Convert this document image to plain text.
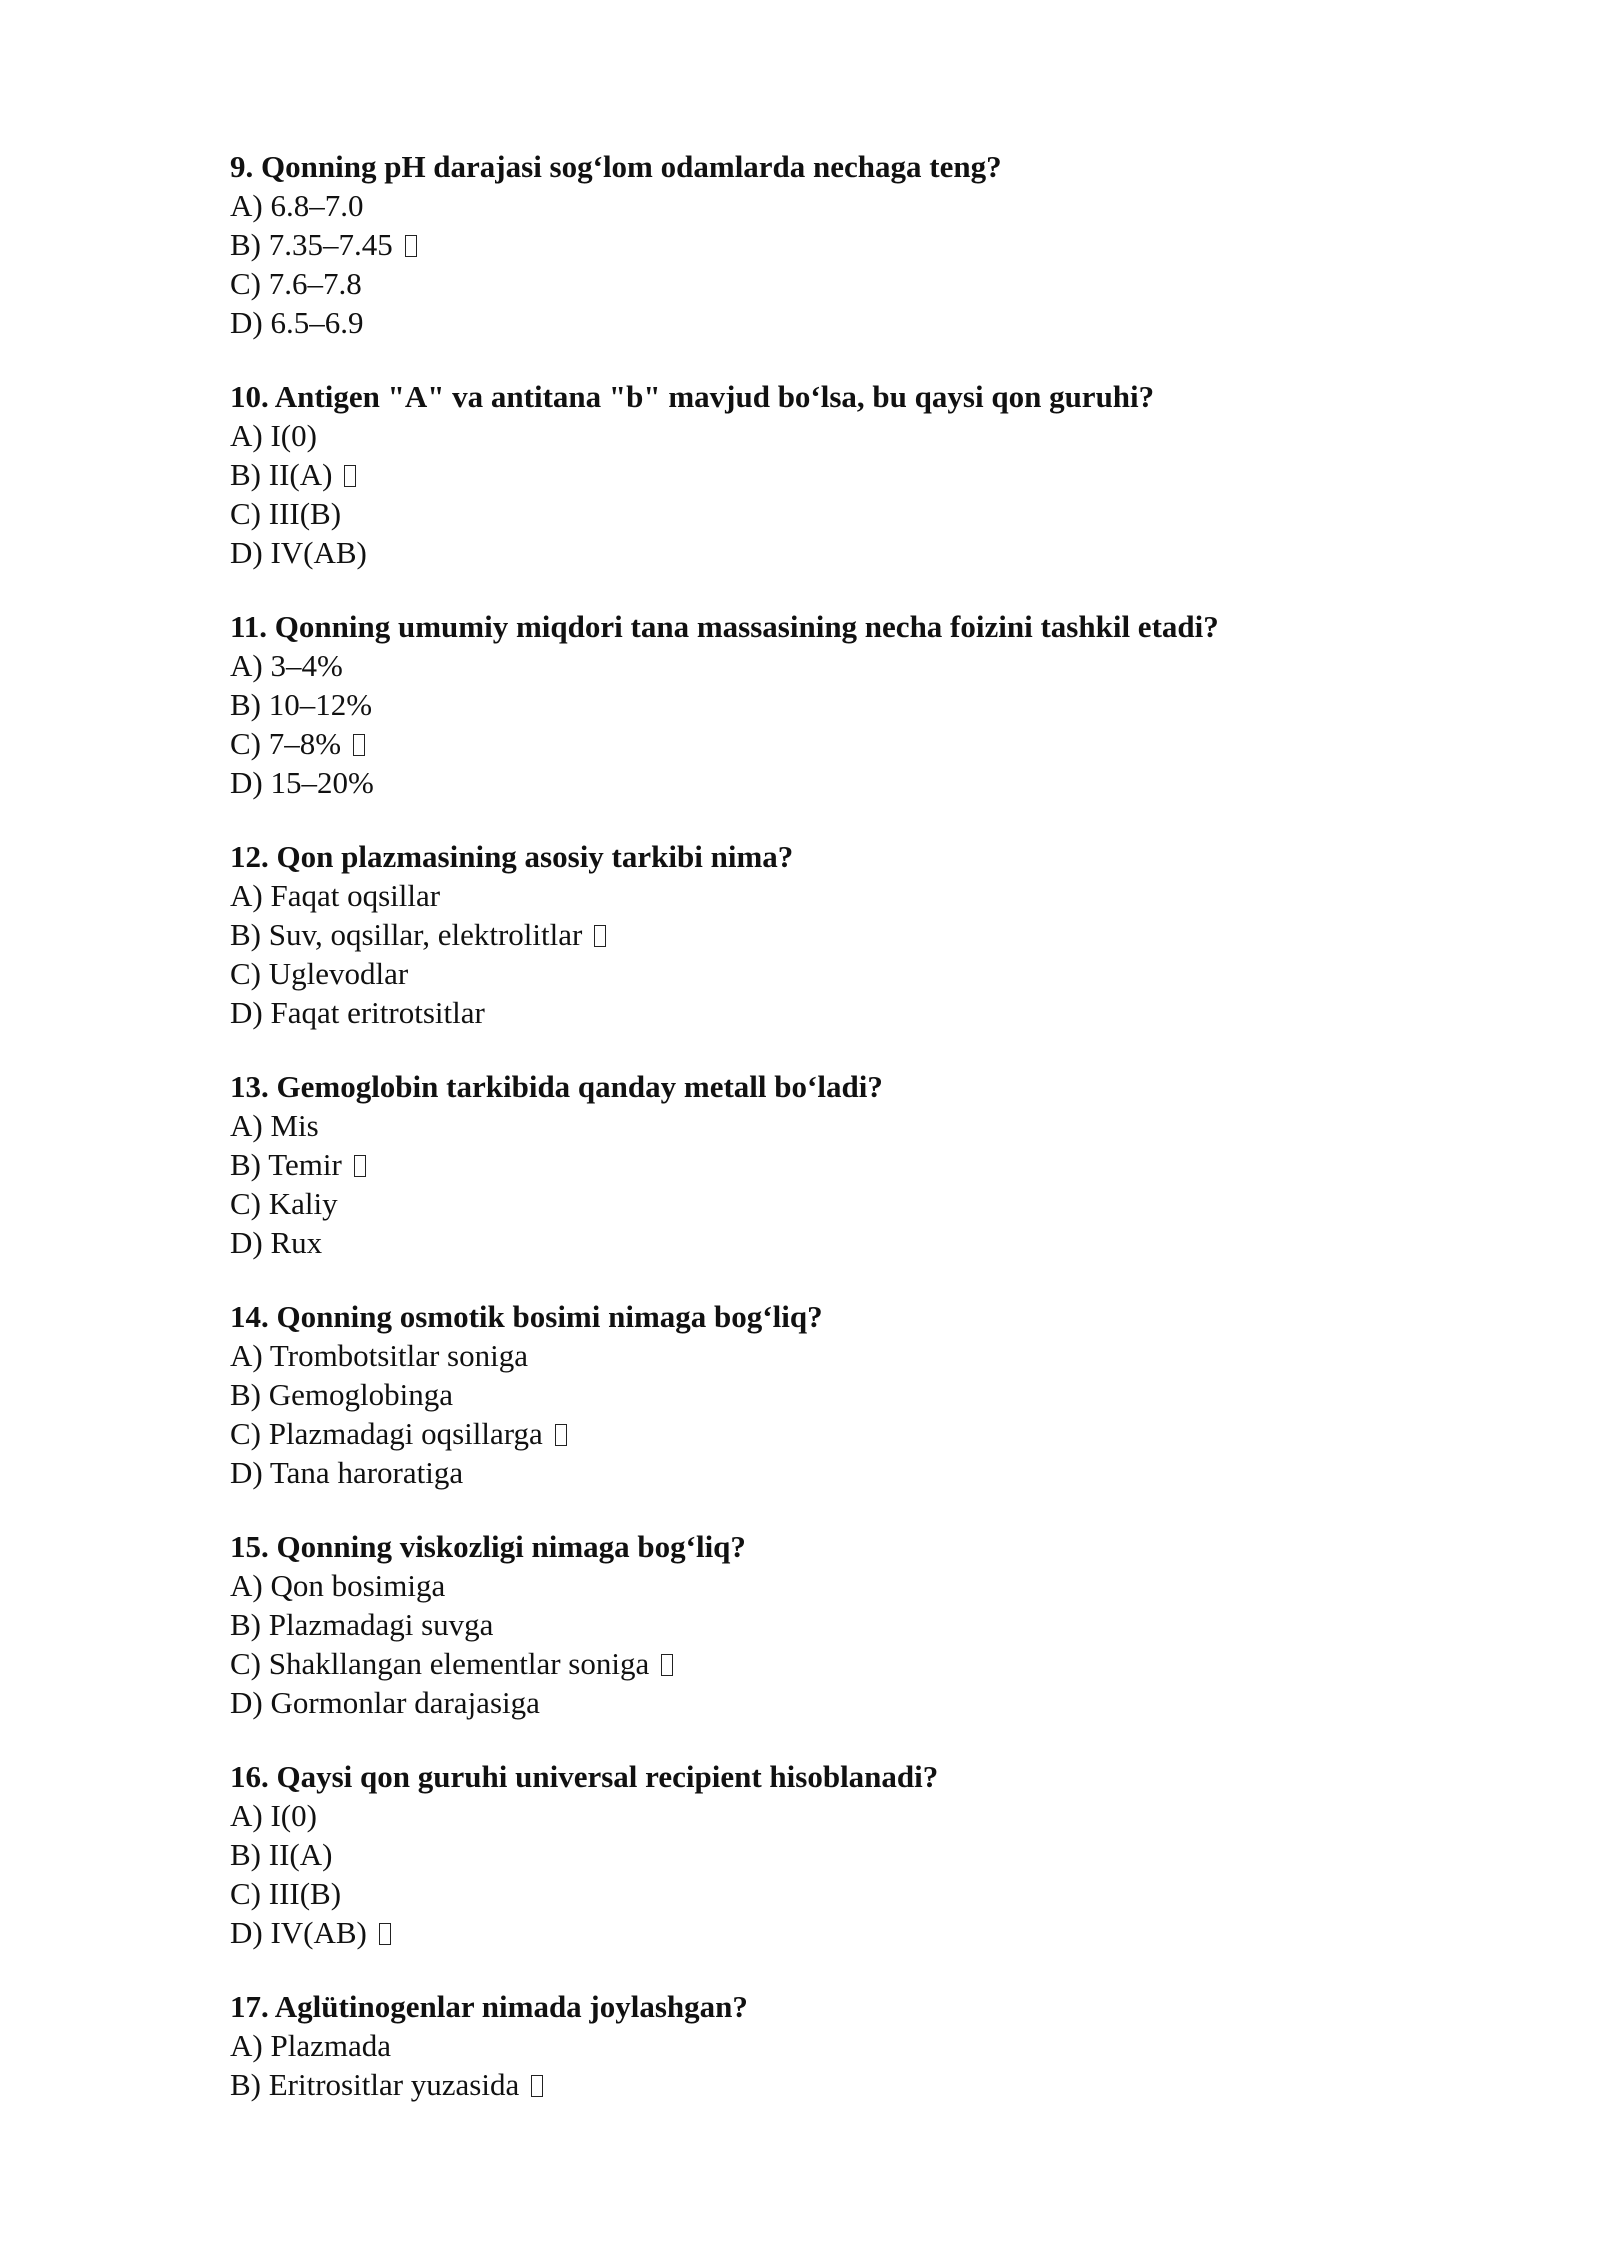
9. Qonning pH darajasi sog‘lom odamlarda nechaga teng?
A) 6.8–7.0
B) 7.35–7.45
C) 7.6–7.8
D) 6.5–6.9
10. Antigen "A" va antitana "b" mavjud bo‘lsa, bu qaysi qon guruhi?
A) I(0)
B) II(A)
C) III(B)
D) IV(AB)
11. Qonning umumiy miqdori tana massasining necha foizini tashkil etadi?
A) 3–4%
B) 10–12%
C) 7–8%
D) 15–20%
12. Qon plazmasining asosiy tarkibi nima?
A) Faqat oqsillar
B) Suv, oqsillar, elektrolitlar
C) Uglevodlar
D) Faqat eritrotsitlar
13. Gemoglobin tarkibida qanday metall bo‘ladi?
A) Mis
B) Temir
C) Kaliy
D) Rux
14. Qonning osmotik bosimi nimaga bog‘liq?
A) Trombotsitlar soniga
B) Gemoglobinga
C) Plazmadagi oqsillarga
D) Tana haroratiga
15. Qonning viskozligi nimaga bog‘liq?
A) Qon bosimiga
B) Plazmadagi suvga
C) Shakllangan elementlar soniga
D) Gormonlar darajasiga
16. Qaysi qon guruhi universal recipient hisoblanadi?
A) I(0)
B) II(A)
C) III(B)
D) IV(AB)
17. Aglütinogenlar nimada joylashgan?
A) Plazmada
B) Eritrositlar yuzasida
